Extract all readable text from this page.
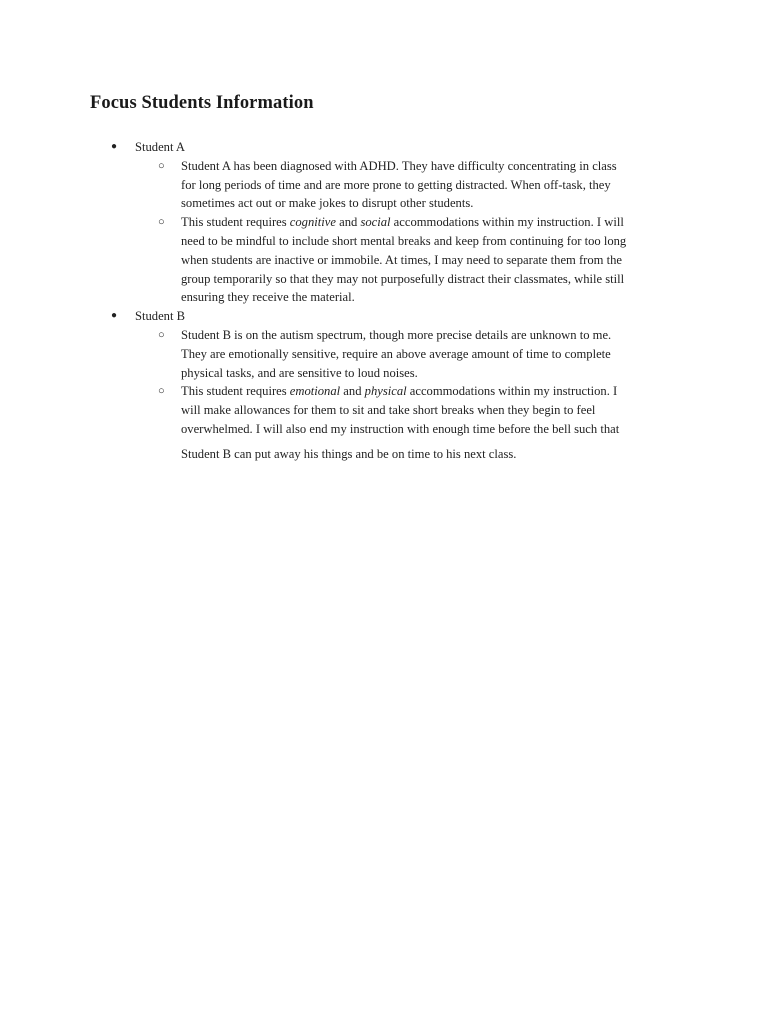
Focus Students Information
● Student A
○ Student A has been diagnosed with ADHD. They have difficulty concentrating in class
for long periods of time and are more prone to getting distracted. When off-task, they
sometimes act out or make jokes to disrupt other students.
○ This student requires cognitive and social accommodations within my instruction. I will
need to be mindful to include short mental breaks and keep from continuing for too long
when students are inactive or immobile. At times, I may need to separate them from the
group temporarily so that they may not purposefully distract their classmates, while still
ensuring they receive the material.
● Student B
○ Student B is on the autism spectrum, though more precise details are unknown to me.
They are emotionally sensitive, require an above average amount of time to complete
physical tasks, and are sensitive to loud noises.
○ This student requires emotional and physical accommodations within my instruction. I
will make allowances for them to sit and take short breaks when they begin to feel
overwhelmed. I will also end my instruction with enough time before the bell such that
Student B can put away his things and be on time to his next class.
